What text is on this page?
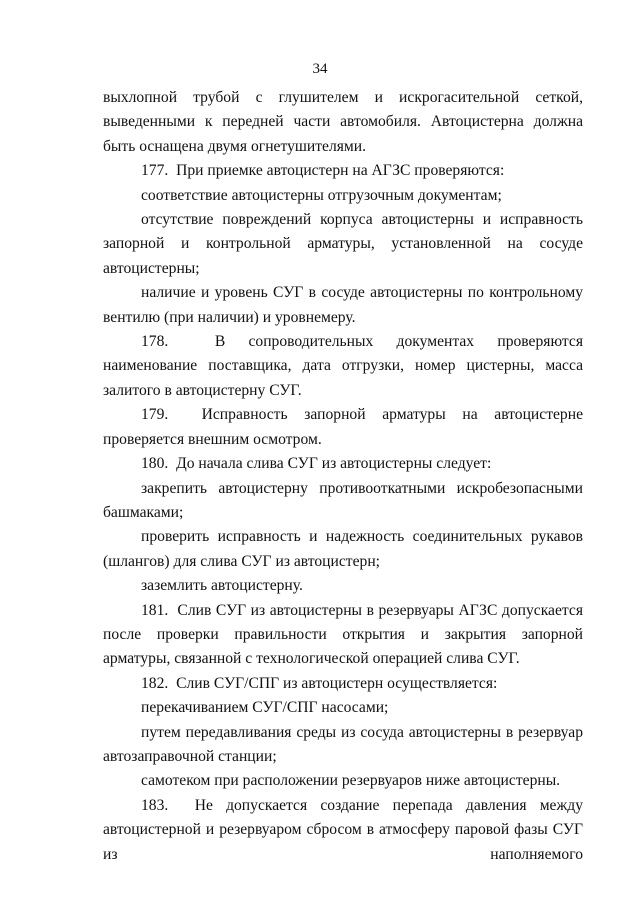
34

выхлопной трубой с глушителем и искрогасительной сеткой, выведенными к передней части автомобиля. Автоцистерна должна быть оснащена двумя огнетушителями.

177.  При приемке автоцистерн на АГЗС проверяются:

соответствие автоцистерны отгрузочным документам;

отсутствие повреждений корпуса автоцистерны и исправность запорной и контрольной арматуры, установленной на сосуде автоцистерны;

наличие и уровень СУГ в сосуде автоцистерны по контрольному вентилю (при наличии) и уровнемеру.

178.  В сопроводительных документах проверяются наименование поставщика, дата отгрузки, номер цистерны, масса залитого в автоцистерну СУГ.

179.  Исправность запорной арматуры на автоцистерне проверяется внешним осмотром.

180.  До начала слива СУГ из автоцистерны следует:

закрепить автоцистерну противооткатными искробезопасными башмаками;

проверить исправность и надежность соединительных рукавов (шлангов) для слива СУГ из автоцистерн;

заземлить автоцистерну.

181.  Слив СУГ из автоцистерны в резервуары АГЗС допускается после проверки правильности открытия и закрытия запорной арматуры, связанной с технологической операцией слива СУГ.

182.  Слив СУГ/СПГ из автоцистерн осуществляется:

перекачиванием СУГ/СПГ насосами;

путем передавливания среды из сосуда автоцистерны в резервуар автозаправочной станции;

самотеком при расположении резервуаров ниже автоцистерны.

183.  Не допускается создание перепада давления между автоцистерной и резервуаром сбросом в атмосферу паровой фазы СУГ из наполняемого
